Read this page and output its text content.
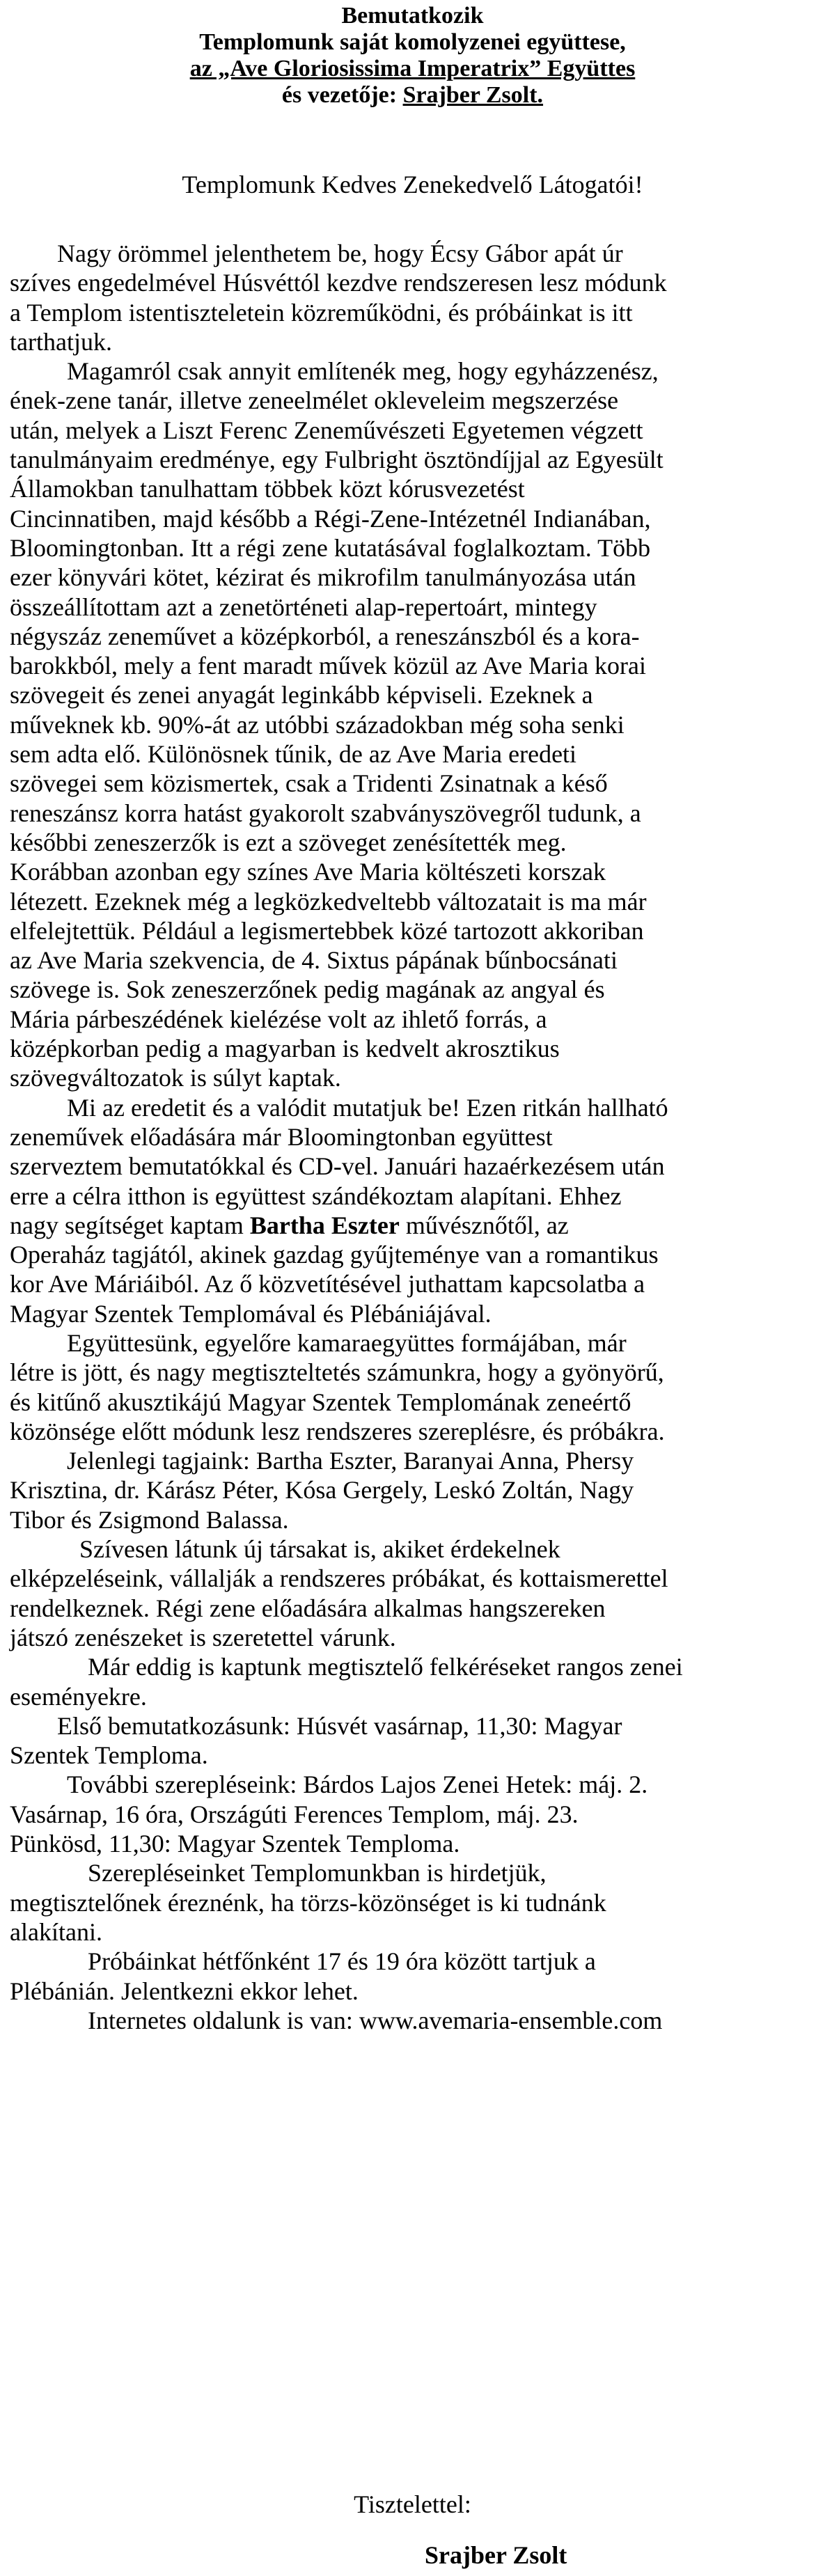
Bemutatkozik
Templomunk saját komolyzenei együttese,
az „Ave Gloriosissima Imperatrix” Együttes
és vezetője: Srajber Zsolt.
Templomunk Kedves Zenekedvelő Látogatói!
Nagy örömmel jelenthetem be, hogy Écsy Gábor apát úr
szíves engedelmével Húsvéttól kezdve rendszeresen lesz módunk
a Templom istentiszteletein közreműködni, és próbáinkat is itt
tarthatjuk.
Magamról csak annyit említenék meg, hogy egyházzenész,
ének-zene tanár, illetve zeneelmélet okleveleim megszerzése
után, melyek a Liszt Ferenc Zeneművészeti Egyetemen végzett
tanulmányaim eredménye, egy Fulbright ösztöndíjjal az Egyesült
Államokban tanulhattam többek közt kórusvezetést
Cincinnatiben, majd később a Régi-Zene-Intézetnél Indianában,
Bloomingtonban. Itt a régi zene kutatásával foglalkoztam. Több
ezer könyvári kötet, kézirat és mikrofilm tanulmányozása után
összeállítottam azt a zenetörténeti alap-repertoárt, mintegy
négyszáz zeneművet a középkorból, a reneszánszból és a kora-
barokkból, mely a fent maradt művek közül az Ave Maria korai
szövegeit és zenei anyagát leginkább képviseli. Ezeknek a
műveknek kb. 90%-át az utóbbi századokban még soha senki
sem adta elő. Különösnek tűnik, de az Ave Maria eredeti
szövegei sem közismertek, csak a Tridenti Zsinatnak a késő
reneszánsz korra hatást gyakorolt szabványszövegről tudunk, a
későbbi zeneszerzők is ezt a szöveget zenésítették meg.
Korábban azonban egy színes Ave Maria költészeti korszak
létezett. Ezeknek még a legközkedveltebb változatait is ma már
elfelejtettük. Például a legismertebbek közé tartozott akkoriban
az Ave Maria szekvencia, de 4. Sixtus pápának bűnbocsánati
szövege is. Sok zeneszerzőnek pedig magának az angyal és
Mária párbeszédének kielézése volt az ihlető forrás, a
középkorban pedig a magyarban is kedvelt akrosztikus
szövegváltozatok is súlyt kaptak.
Mi az eredetit és a valódit mutatjuk be! Ezen ritkán hallható
zeneművek előadására már Bloomingtonban együttest
szerveztem bemutatókkal és CD-vel. Januári hazaérkezésem után
erre a célra itthon is együttest szándékoztam alapítani. Ehhez
nagy segítséget kaptam Bartha Eszter művésznőtől, az
Operaház tagjától, akinek gazdag gyűjteménye van a romantikus
kor Ave Máriáiból. Az ő közvetítésével juthattam kapcsolatba a
Magyar Szentek Templomával és Plébániájával.
Együttesünk, egyelőre kamaraegyüttes formájában, már
létre is jött, és nagy megtiszteltetés számunkra, hogy a gyönyörű,
és kitűnő akusztikájú Magyar Szentek Templomának zeneértő
közönsége előtt módunk lesz rendszeres szereplésre, és próbákra.
Jelenlegi tagjaink: Bartha Eszter, Baranyai Anna, Phersy
Krisztina, dr. Kárász Péter, Kósa Gergely, Leskó Zoltán, Nagy
Tibor és Zsigmond Balassa.
Szívesen látunk új társakat is, akiket érdekelnek
elképzeléseink, vállalják a rendszeres próbákat, és kottaismerettel
rendelkeznek. Régi zene előadására alkalmas hangszereken
játszó zenészeket is szeretettel várunk.
Már eddig is kaptunk megtisztelő felkéréseket rangos zenei
eseményekre.
Első bemutatkozásunk: Húsvét vasárnap, 11,30: Magyar
Szentek Temploma.
További szerepléseink: Bárdos Lajos Zenei Hetek: máj. 2.
Vasárnap, 16 óra, Országúti Ferences Templom, máj. 23.
Pünkösd, 11,30: Magyar Szentek Temploma.
Szerepléseinket Templomunkban is hirdetjük,
megtisztelőnek éreznénk, ha törzs-közönséget is ki tudnánk
alakítani.
Próbáinkat hétfőnként 17 és 19 óra között tartjuk a
Plébánián. Jelentkezni ekkor lehet.
Internetes oldalunk is van: www.avemaria-ensemble.com
Tisztelettel:
Srajber Zsolt
